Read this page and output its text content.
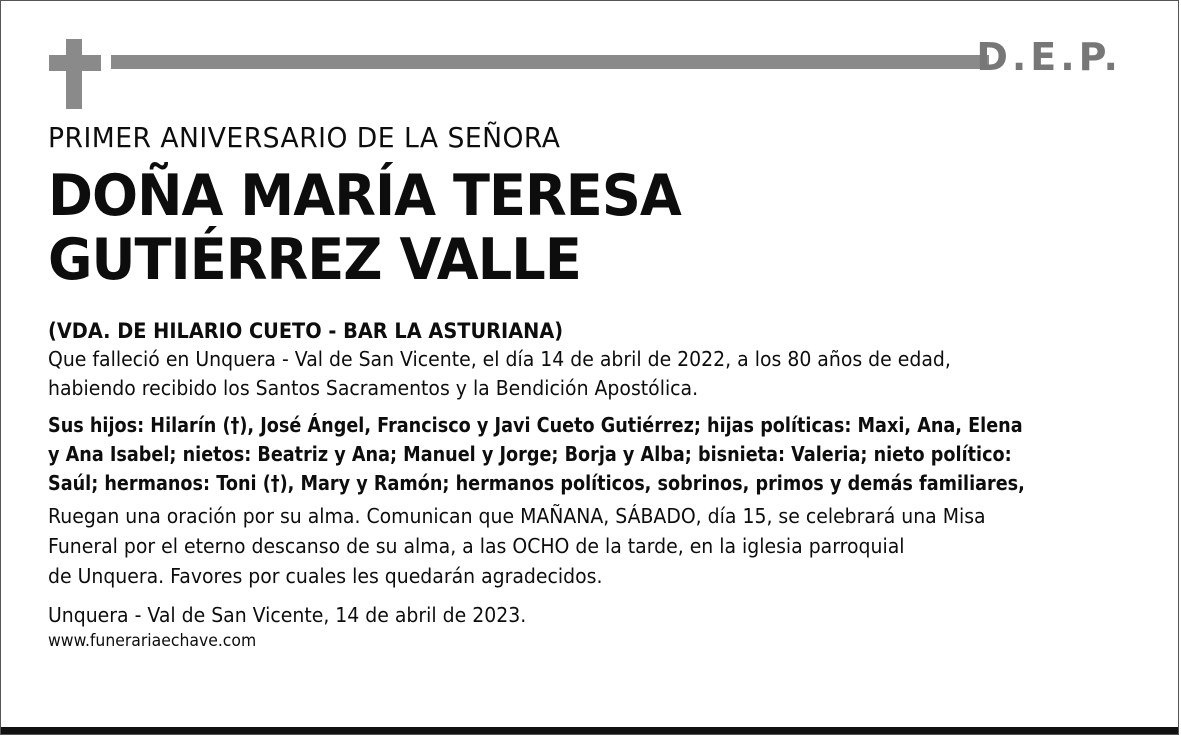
D.E.P.
PRIMER ANIVERSARIO DE LA SEÑORA
DOÑA MARÍA TERESA
GUTIÉRREZ VALLE
(VDA. DE HILARIO CUETO - BAR LA ASTURIANA)
Que falleció en Unquera - Val de San Vicente, el día 14 de abril de 2022, a los 80 años de edad,
habiendo recibido los Santos Sacramentos y la Bendición Apostólica.
Sus hijos: Hilarín (†), José Ángel, Francisco y Javi Cueto Gutiérrez; hijas políticas: Maxi, Ana, Elena
y Ana Isabel; nietos: Beatriz y Ana; Manuel y Jorge; Borja y Alba; bisnieta: Valeria; nieto político:
Saúl; hermanos: Toni (†), Mary y Ramón; hermanos políticos, sobrinos, primos y demás familiares,
Ruegan una oración por su alma. Comunican que MAÑANA, SÁBADO, día 15, se celebrará una Misa
Funeral por el eterno descanso de su alma, a las OCHO de la tarde, en la iglesia parroquial
de Unquera. Favores por cuales les quedarán agradecidos.
Unquera - Val de San Vicente, 14 de abril de 2023.
www.funerariaechave.com
